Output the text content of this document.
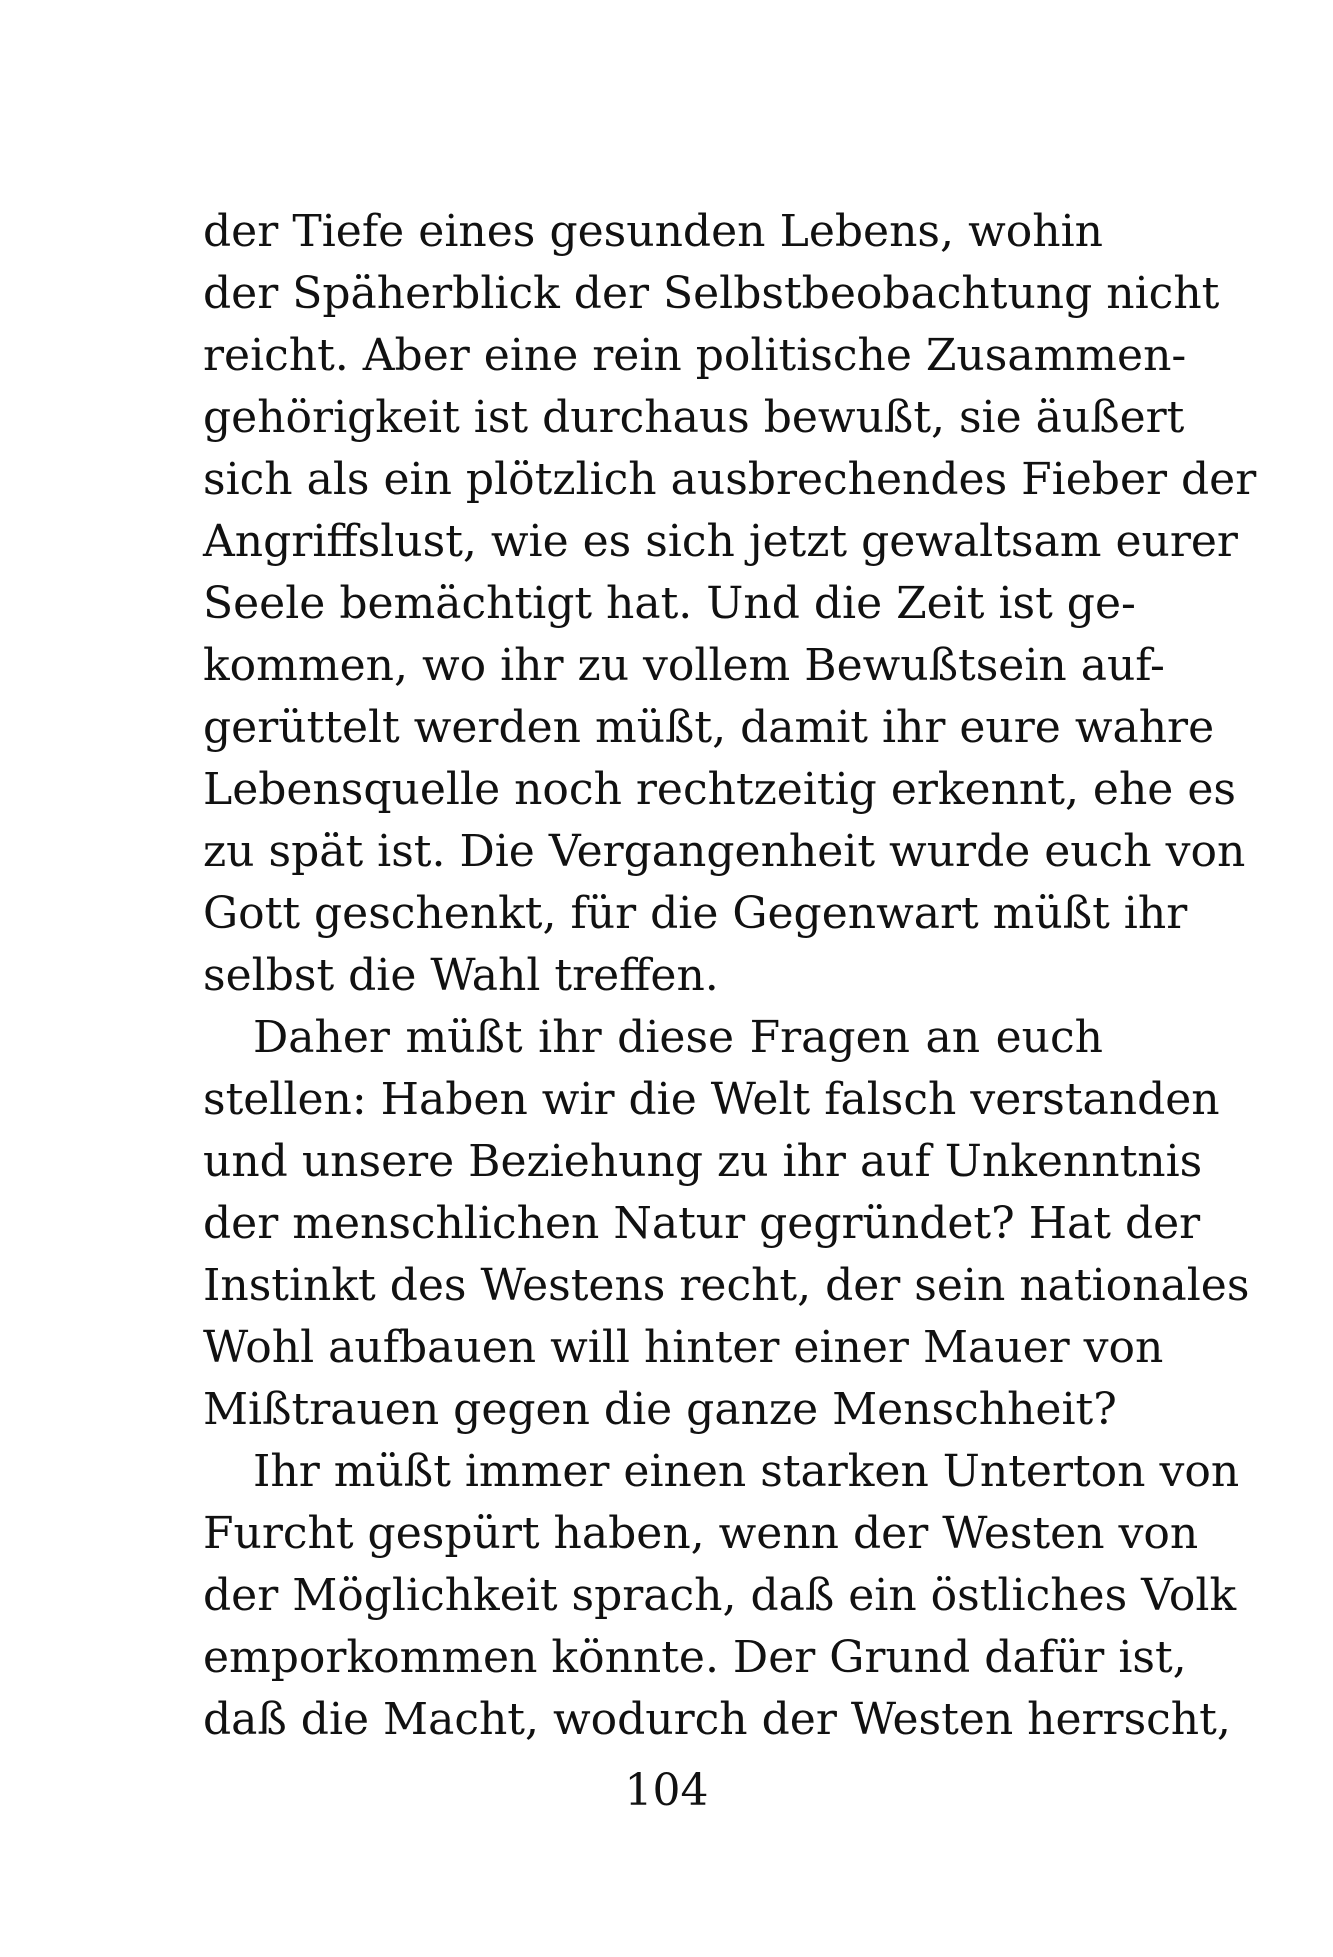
der Tiefe eines gesunden Lebens, wohin
der Späherblick der Selbstbeobachtung nicht
reicht. Aber eine rein politische Zusammen-
gehörigkeit ist durchaus bewußt, sie äußert
sich als ein plötzlich ausbrechendes Fieber der
Angriffslust, wie es sich jetzt gewaltsam eurer
Seele bemächtigt hat. Und die Zeit ist ge-
kommen, wo ihr zu vollem Bewußtsein auf-
gerüttelt werden müßt, damit ihr eure wahre
Lebensquelle noch rechtzeitig erkennt, ehe es
zu spät ist. Die Vergangenheit wurde euch von
Gott geschenkt, für die Gegenwart müßt ihr
selbst die Wahl treffen.
Daher müßt ihr diese Fragen an euch
stellen: Haben wir die Welt falsch verstanden
und unsere Beziehung zu ihr auf Unkenntnis
der menschlichen Natur gegründet? Hat der
Instinkt des Westens recht, der sein nationales
Wohl aufbauen will hinter einer Mauer von
Mißtrauen gegen die ganze Menschheit?
Ihr müßt immer einen starken Unterton von
Furcht gespürt haben, wenn der Westen von
der Möglichkeit sprach, daß ein östliches Volk
emporkommen könnte. Der Grund dafür ist,
daß die Macht, wodurch der Westen herrscht,
104
